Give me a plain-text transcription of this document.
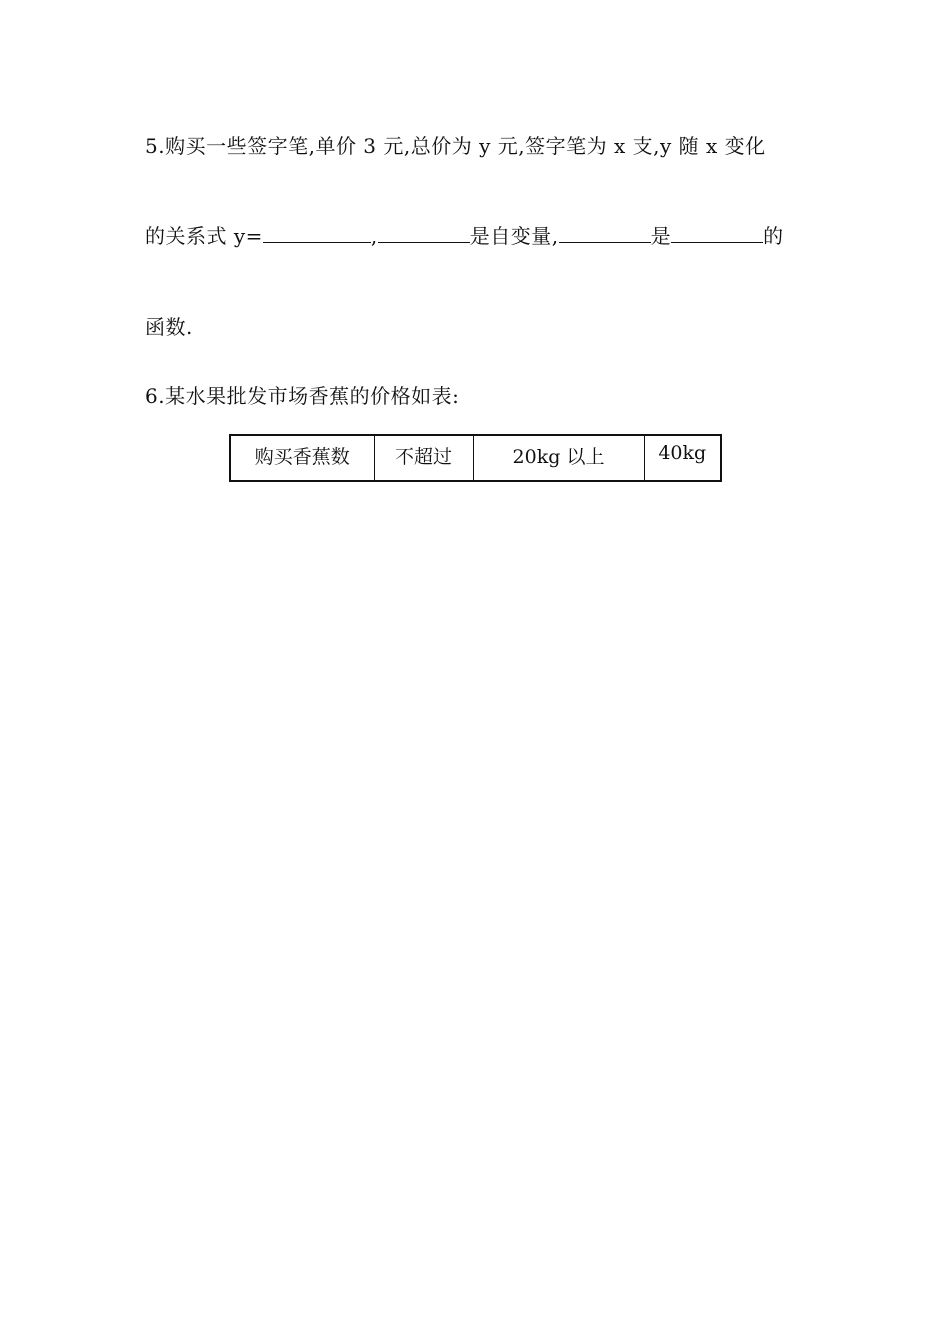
5.购买一些签字笔,单价 3 元,总价为 y 元,签字笔为 x 支,y 随 x 变化
的关系式 y=	,	是自变量,	是	的
函数.
6.某水果批发市场香蕉的价格如表:
购买香蕉数	不超过	20kg 以上	40kg
